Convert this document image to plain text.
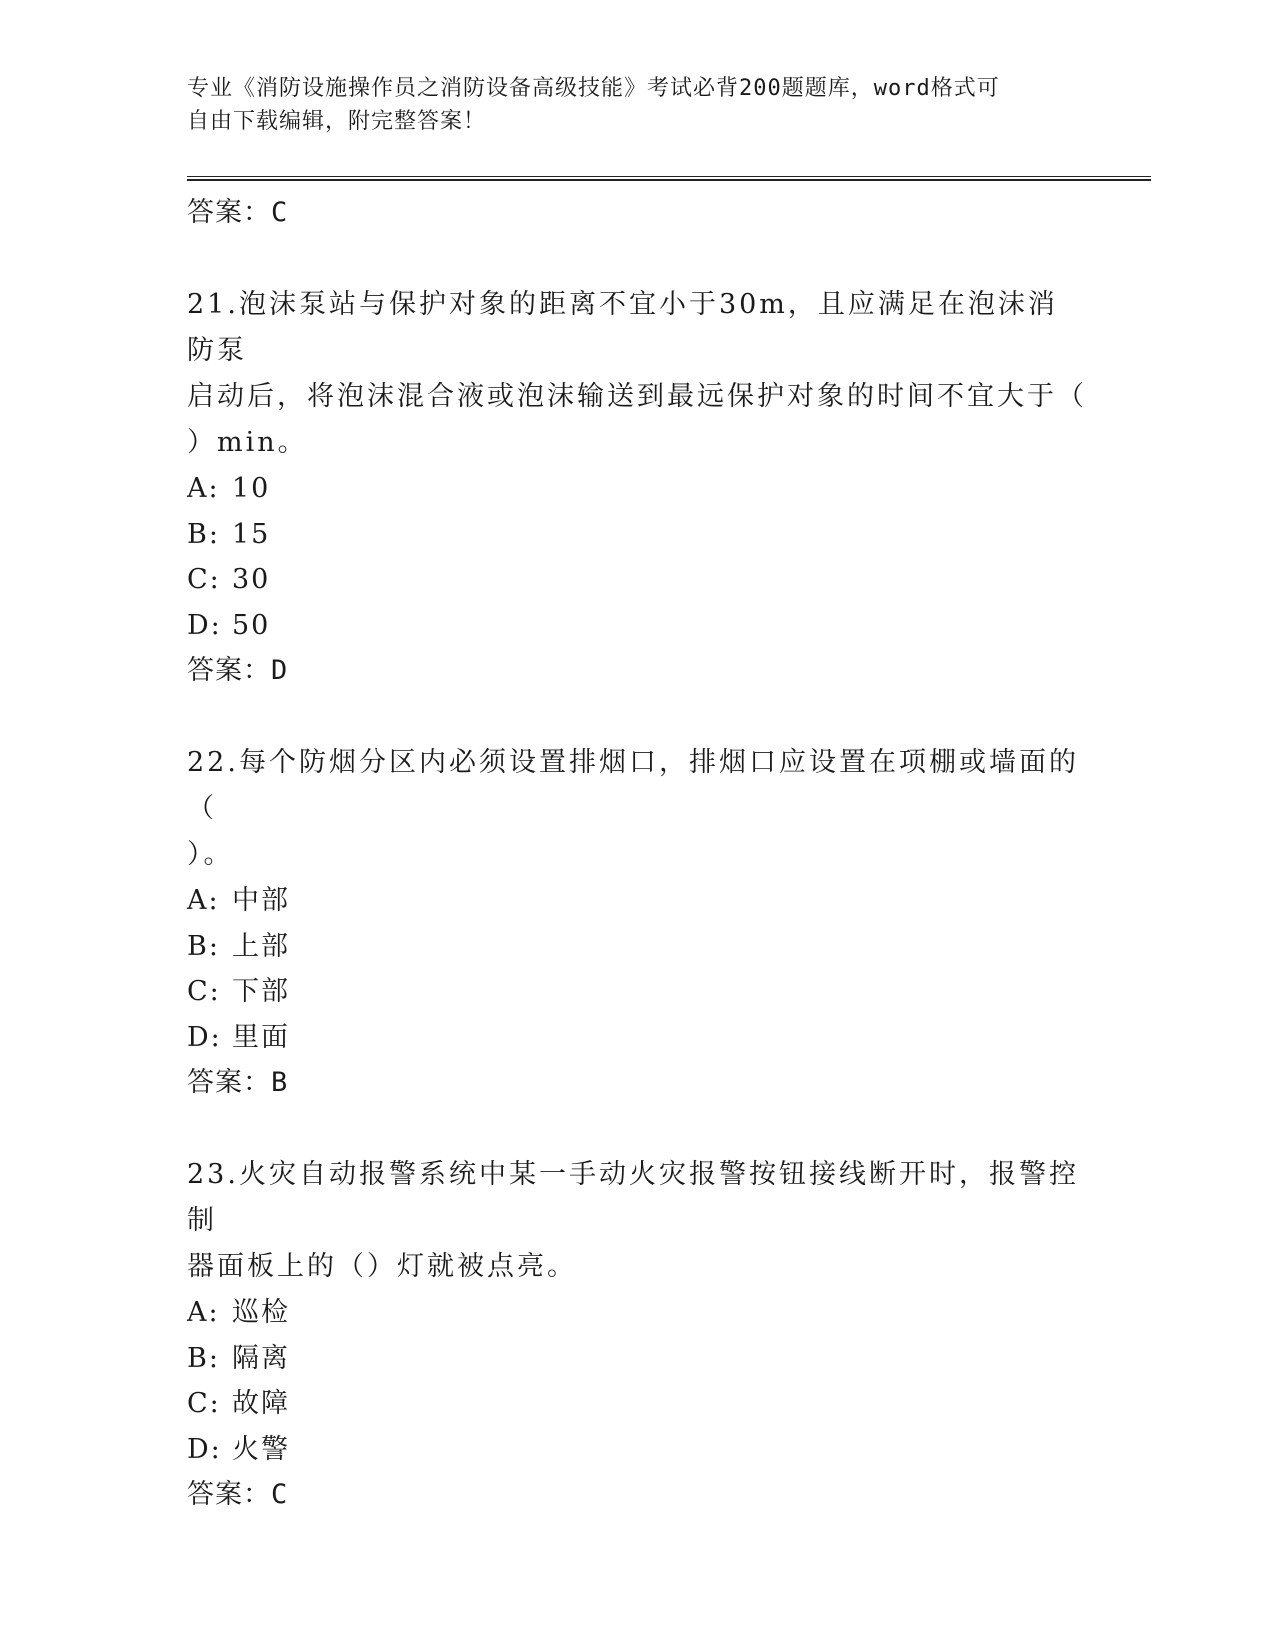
专业《消防设施操作员之消防设备高级技能》考试必背200题题库，word格式可
自由下载编辑，附完整答案！
答案：C
21.泡沫泵站与保护对象的距离不宜小于30m，且应满足在泡沫消防泵
启动后，将泡沫混合液或泡沫输送到最远保护对象的时间不宜大于（
）min。
A: 10
B: 15
C: 30
D: 50
答案：D
22.每个防烟分区内必须设置排烟口，排烟口应设置在项棚或墙面的（
）。
A: 中部
B: 上部
C: 下部
D: 里面
答案：B
23.火灾自动报警系统中某一手动火灾报警按钮接线断开时，报警控制
器面板上的（）灯就被点亮。
A: 巡检
B: 隔离
C: 故障
D: 火警
答案：C
